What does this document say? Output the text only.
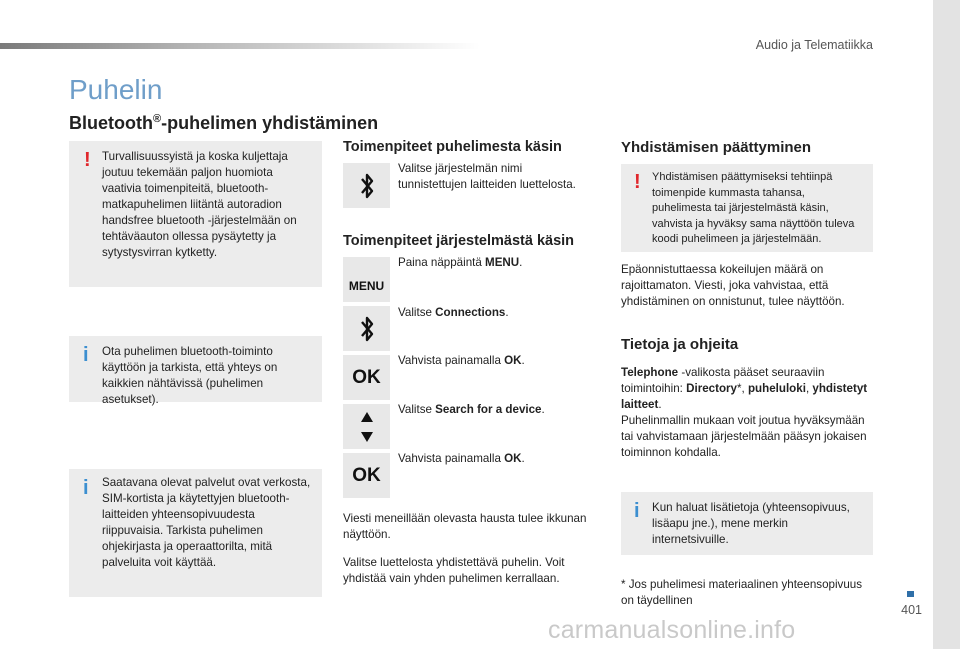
Audio ja Telematiikka
401
Puhelin
Bluetooth®-puhelimen yhdistäminen
! Turvallisuussyistä ja koska kuljettaja joutuu tekemään paljon huomiota vaativia toimenpiteitä, bluetooth-matkapuhelimen liitäntä autoradion handsfree bluetooth -järjestelmään on tehtäväauton ollessa pysäytetty ja sytystysvirran kytketty.

i Ota puhelimen bluetooth-toiminto käyttöön ja tarkista, että yhteys on kaikkien nähtävissä (puhelimen asetukset).

i Saatavana olevat palvelut ovat verkosta, SIM-kortista ja käytettyjen bluetooth-laitteiden yhteensopivuudesta riippuvaisia. Tarkista puhelimen ohjekirjasta ja operaattorilta, mitä palveluita voit käyttää.

Toimenpiteet puhelimesta käsin
Valitse järjestelmän nimi tunnistettujen laitteiden luettelosta.
Toimenpiteet järjestelmästä käsin
MENU
Paina näppäintä MENU.
Valitse Connections.
OK
Vahvista painamalla OK.
Valitse Search for a device.
OK
Vahvista painamalla OK.
Viesti meneillään olevasta hausta tulee ikkunan näyttöön.
Valitse luettelosta yhdistettävä puhelin. Voit yhdistää vain yhden puhelimen kerrallaan.
Yhdistämisen päättyminen
! Yhdistämisen päättymiseksi tehtiinpä toimenpide kummasta tahansa, puhelimesta tai järjestelmästä käsin, vahvista ja hyväksy sama näyttöön tuleva koodi puhelimeen ja järjestelmään.

Epäonnistuttaessa kokeilujen määrä on rajoittamaton. Viesti, joka vahvistaa, että yhdistäminen on onnistunut, tulee näyttöön.
Tietoja ja ohjeita
Telephone -valikosta pääset seuraaviin toimintoihin: Directory*, puheluloki, yhdistetyt laitteet.
Puhelinmallin mukaan voit joutua hyväksymään tai vahvistamaan järjestelmään pääsyn jokaisen toiminnon kohdalla.
i Kun haluat lisätietoja (yhteensopivuus, lisäapu jne.), mene merkin internetsivuille.

* Jos puhelimesi materiaalinen yhteensopivuus on täydellinen
carmanualsonline.info
